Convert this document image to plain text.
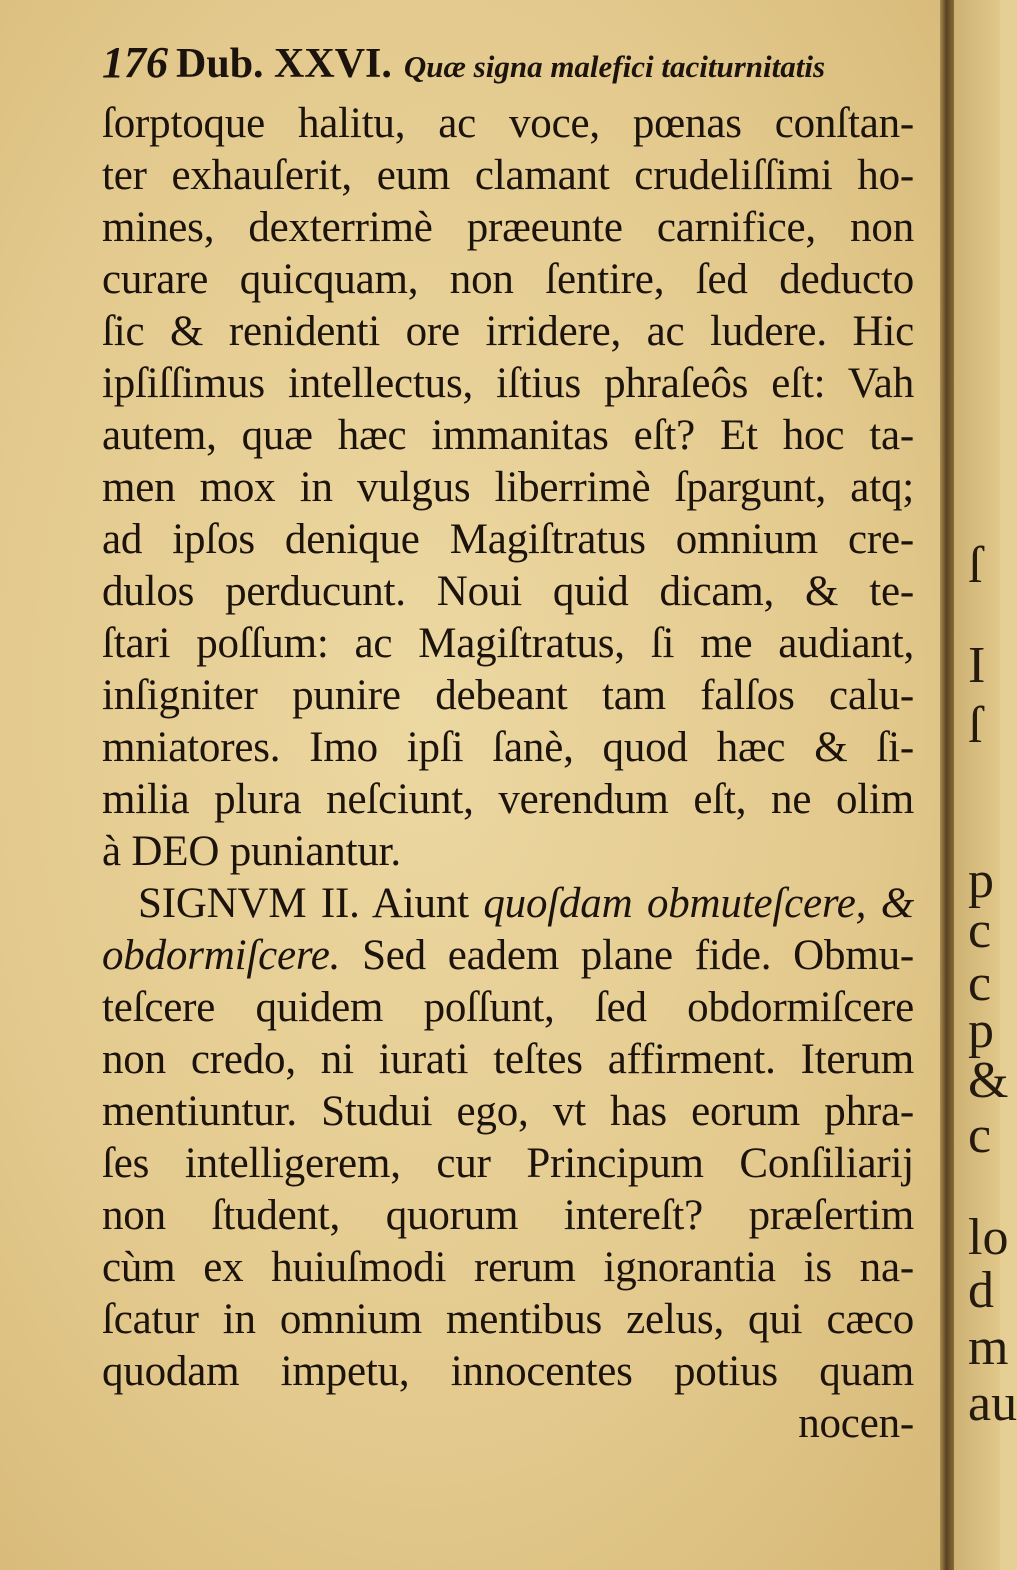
176 Dub. XXVI. Quæ signa malefici taciturnitatis
ſorptoque halitu, ac voce, pœnas conſtan-
ter exhauſerit, eum clamant crudeliſſimi ho-
mines, dexterrimè præeunte carnifice, non
curare quicquam, non ſentire, ſed deducto
ſic & renidenti ore irridere, ac ludere. Hic
ipſiſſimus intellectus, iſtius phraſeôs eſt: Vah
autem, quæ hæc immanitas eſt? Et hoc ta-
men mox in vulgus liberrimè ſpargunt, atq;
ad ipſos denique Magiſtratus omnium cre-
dulos perducunt. Noui quid dicam, & te-
ſtari poſſum: ac Magiſtratus, ſi me audiant,
inſigniter punire debeant tam falſos calu-
mniatores. Imo ipſi ſanè, quod hæc & ſi-
milia plura neſciunt, verendum eſt, ne olim
à DEO puniantur.
SIGNVM II. Aiunt quoſdam obmuteſcere, &
obdormiſcere. Sed eadem plane fide. Obmu-
teſcere quidem poſſunt, ſed obdormiſcere
non credo, ni iurati teſtes affirment. Iterum
mentiuntur. Studui ego, vt has eorum phra-
ſes intelligerem, cur Principum Conſiliarij
non ſtudent, quorum intereſt? præſertim
cùm ex huiuſmodi rerum ignorantia is na-
ſcatur in omnium mentibus zelus, qui cæco
quodam impetu, innocentes potius quam
nocen-
ſ
I
ſ
p
c
c
p
&
c
lo
d
m
au
